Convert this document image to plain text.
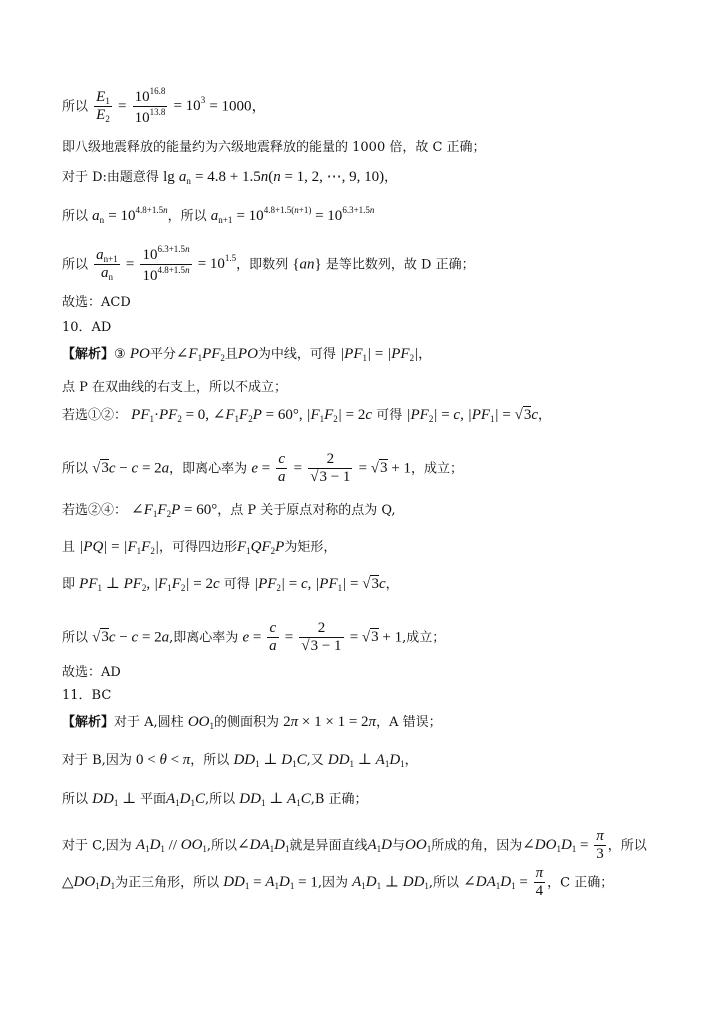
所以 $\frac{E_1}{E_2} = \frac{10^{16.8}}{10^{13.8}} = 10^3 = 1000$，
即八级地震释放的能量约为六级地震释放的能量的 1000 倍，故 C 正确；
对于 D:由题意得 $\lg a_n = 4.8 + 1.5n(n = 1$, 2, ⋯, 9, 10)，
所以 $a_n = 10^{4.8+1.5n}$，所以 $a_{n+1} = 10^{4.8+1.5(n+1)} = 10^{6.3+1.5n}$
所以 $\frac{a_{n+1}}{a_n} = \frac{10^{6.3+1.5n}}{10^{4.8+1.5n}} = 10^{1.5}$，即数列 {an} 是等比数列，故 D 正确；
故选：ACD
10．AD
【解析】③ PO平分$\angle F_1PF_2$且PO为中线，可得 $|PF_1| = |PF_2|$，
点 P 在双曲线的右支上，所以不成立；
若选①②： $PF_1\cdot PF_2 = 0$, $\angle F_1F_2P = 60^\circ$, $|F_1F_2| = 2c$ 可得 $|PF_2| = c$, $|PF_1| = √3c$，
所以 √3c − c = 2a，即离心率为 $e = \frac{c}{a} = \frac{2}{√3 - 1} = √3 + 1$，成立；
若选②④： $\angle F_1F_2P = 60^\circ$，点 P 关于原点对称的点为 Q,
且 $|PQ| = |F_1F_2|$，可得四边形$F_1QF_2P$为矩形，
即 $PF_1$ ⊥ $PF_2$, $|F_1F_2| = 2c$ 可得 $|PF_2| = c$, $|PF_1| = √3c$，
所以 √3c − c = 2a,即离心率为 $e = \frac{c}{a} = \frac{2}{√3 - 1} = √3 + 1$,成立；
故选：AD
11．BC
【解析】对于 A,圆柱 $OO_1$的侧面积为 2π × 1 × 1 = 2π，A 错误；
对于 B,因为 0 < θ < π，所以 $DD_1$ ⊥ $D_1C$,又 $DD_1$ ⊥ $A_1D_1$，
所以 $DD_1$ ⊥ 平面$A_1D_1C$,所以 $DD_1$ ⊥ $A_1C,B$ 正确；
对于 C,因为 $A_1D_1 // OO_1$,所以$\angle DA_1D_1$就是异面直线$A_1D$与$OO_1$所成的角，因为$\angle DO_1D_1 = \frac{\pi}{3}$ ，所以
$\triangle DO_1D_1$为正三角形，所以 $DD_1 = A_1D_1 = 1$,因为 $A_1D_1$ ⊥ $DD_1$,所以 $\angle DA_1D_1 = \frac{\pi}{4}$ ，C 正确；
